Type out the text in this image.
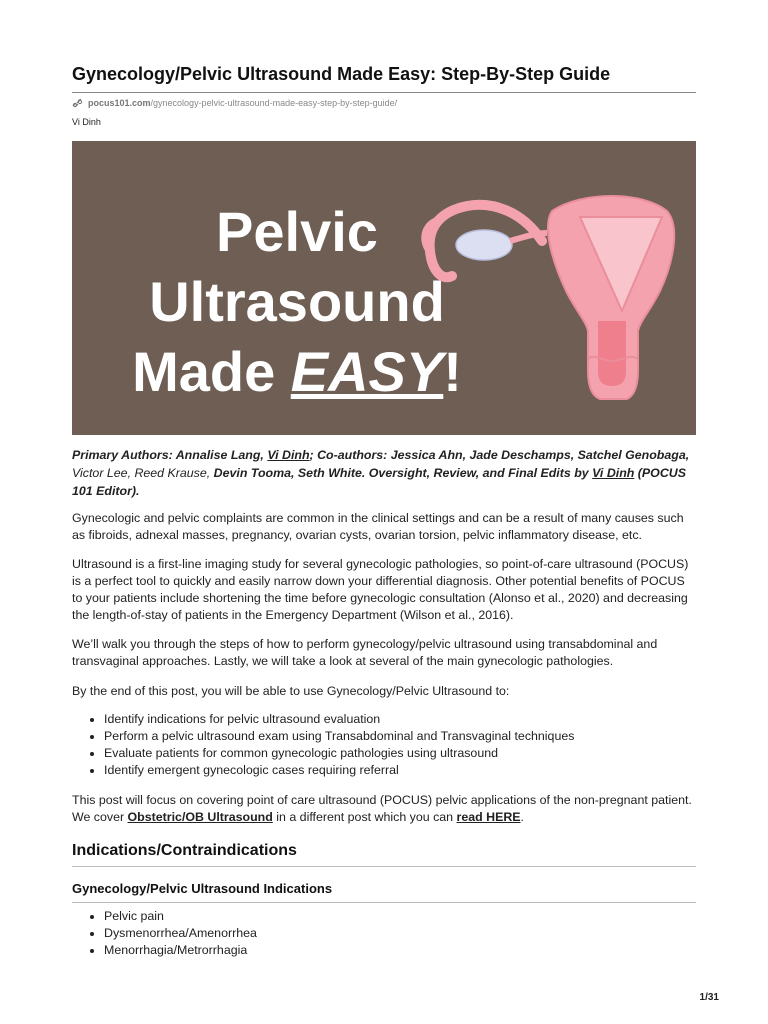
Gynecology/Pelvic Ultrasound Made Easy: Step-By-Step Guide
pocus101.com/gynecology-pelvic-ultrasound-made-easy-step-by-step-guide/
Vi Dinh
Pelvic
Ultrasound
Made EASY!
Primary Authors: Annalise Lang, Vi Dinh; Co-authors: Jessica Ahn, Jade Deschamps, Satchel Genobaga, Victor Lee, Reed Krause, Devin Tooma, Seth White. Oversight, Review, and Final Edits by Vi Dinh (POCUS 101 Editor).
Gynecologic and pelvic complaints are common in the clinical settings and can be a result of many causes such as fibroids, adnexal masses, pregnancy, ovarian cysts, ovarian torsion, pelvic inflammatory disease, etc.
Ultrasound is a first-line imaging study for several gynecologic pathologies, so point-of-care ultrasound (POCUS) is a perfect tool to quickly and easily narrow down your differential diagnosis. Other potential benefits of POCUS to your patients include shortening the time before gynecologic consultation (Alonso et al., 2020) and decreasing the length-of-stay of patients in the Emergency Department (Wilson et al., 2016).
We’ll walk you through the steps of how to perform gynecology/pelvic ultrasound using transabdominal and transvaginal approaches. Lastly, we will take a look at several of the main gynecologic pathologies.
By the end of this post, you will be able to use Gynecology/Pelvic Ultrasound to:
• Identify indications for pelvic ultrasound evaluation
• Perform a pelvic ultrasound exam using Transabdominal and Transvaginal techniques
• Evaluate patients for common gynecologic pathologies using ultrasound
• Identify emergent gynecologic cases requiring referral
This post will focus on covering point of care ultrasound (POCUS) pelvic applications of the non-pregnant patient. We cover Obstetric/OB Ultrasound in a different post which you can read HERE.
Indications/Contraindications
Gynecology/Pelvic Ultrasound Indications
• Pelvic pain
• Dysmenorrhea/Amenorrhea
• Menorrhagia/Metrorrhagia
1/31
